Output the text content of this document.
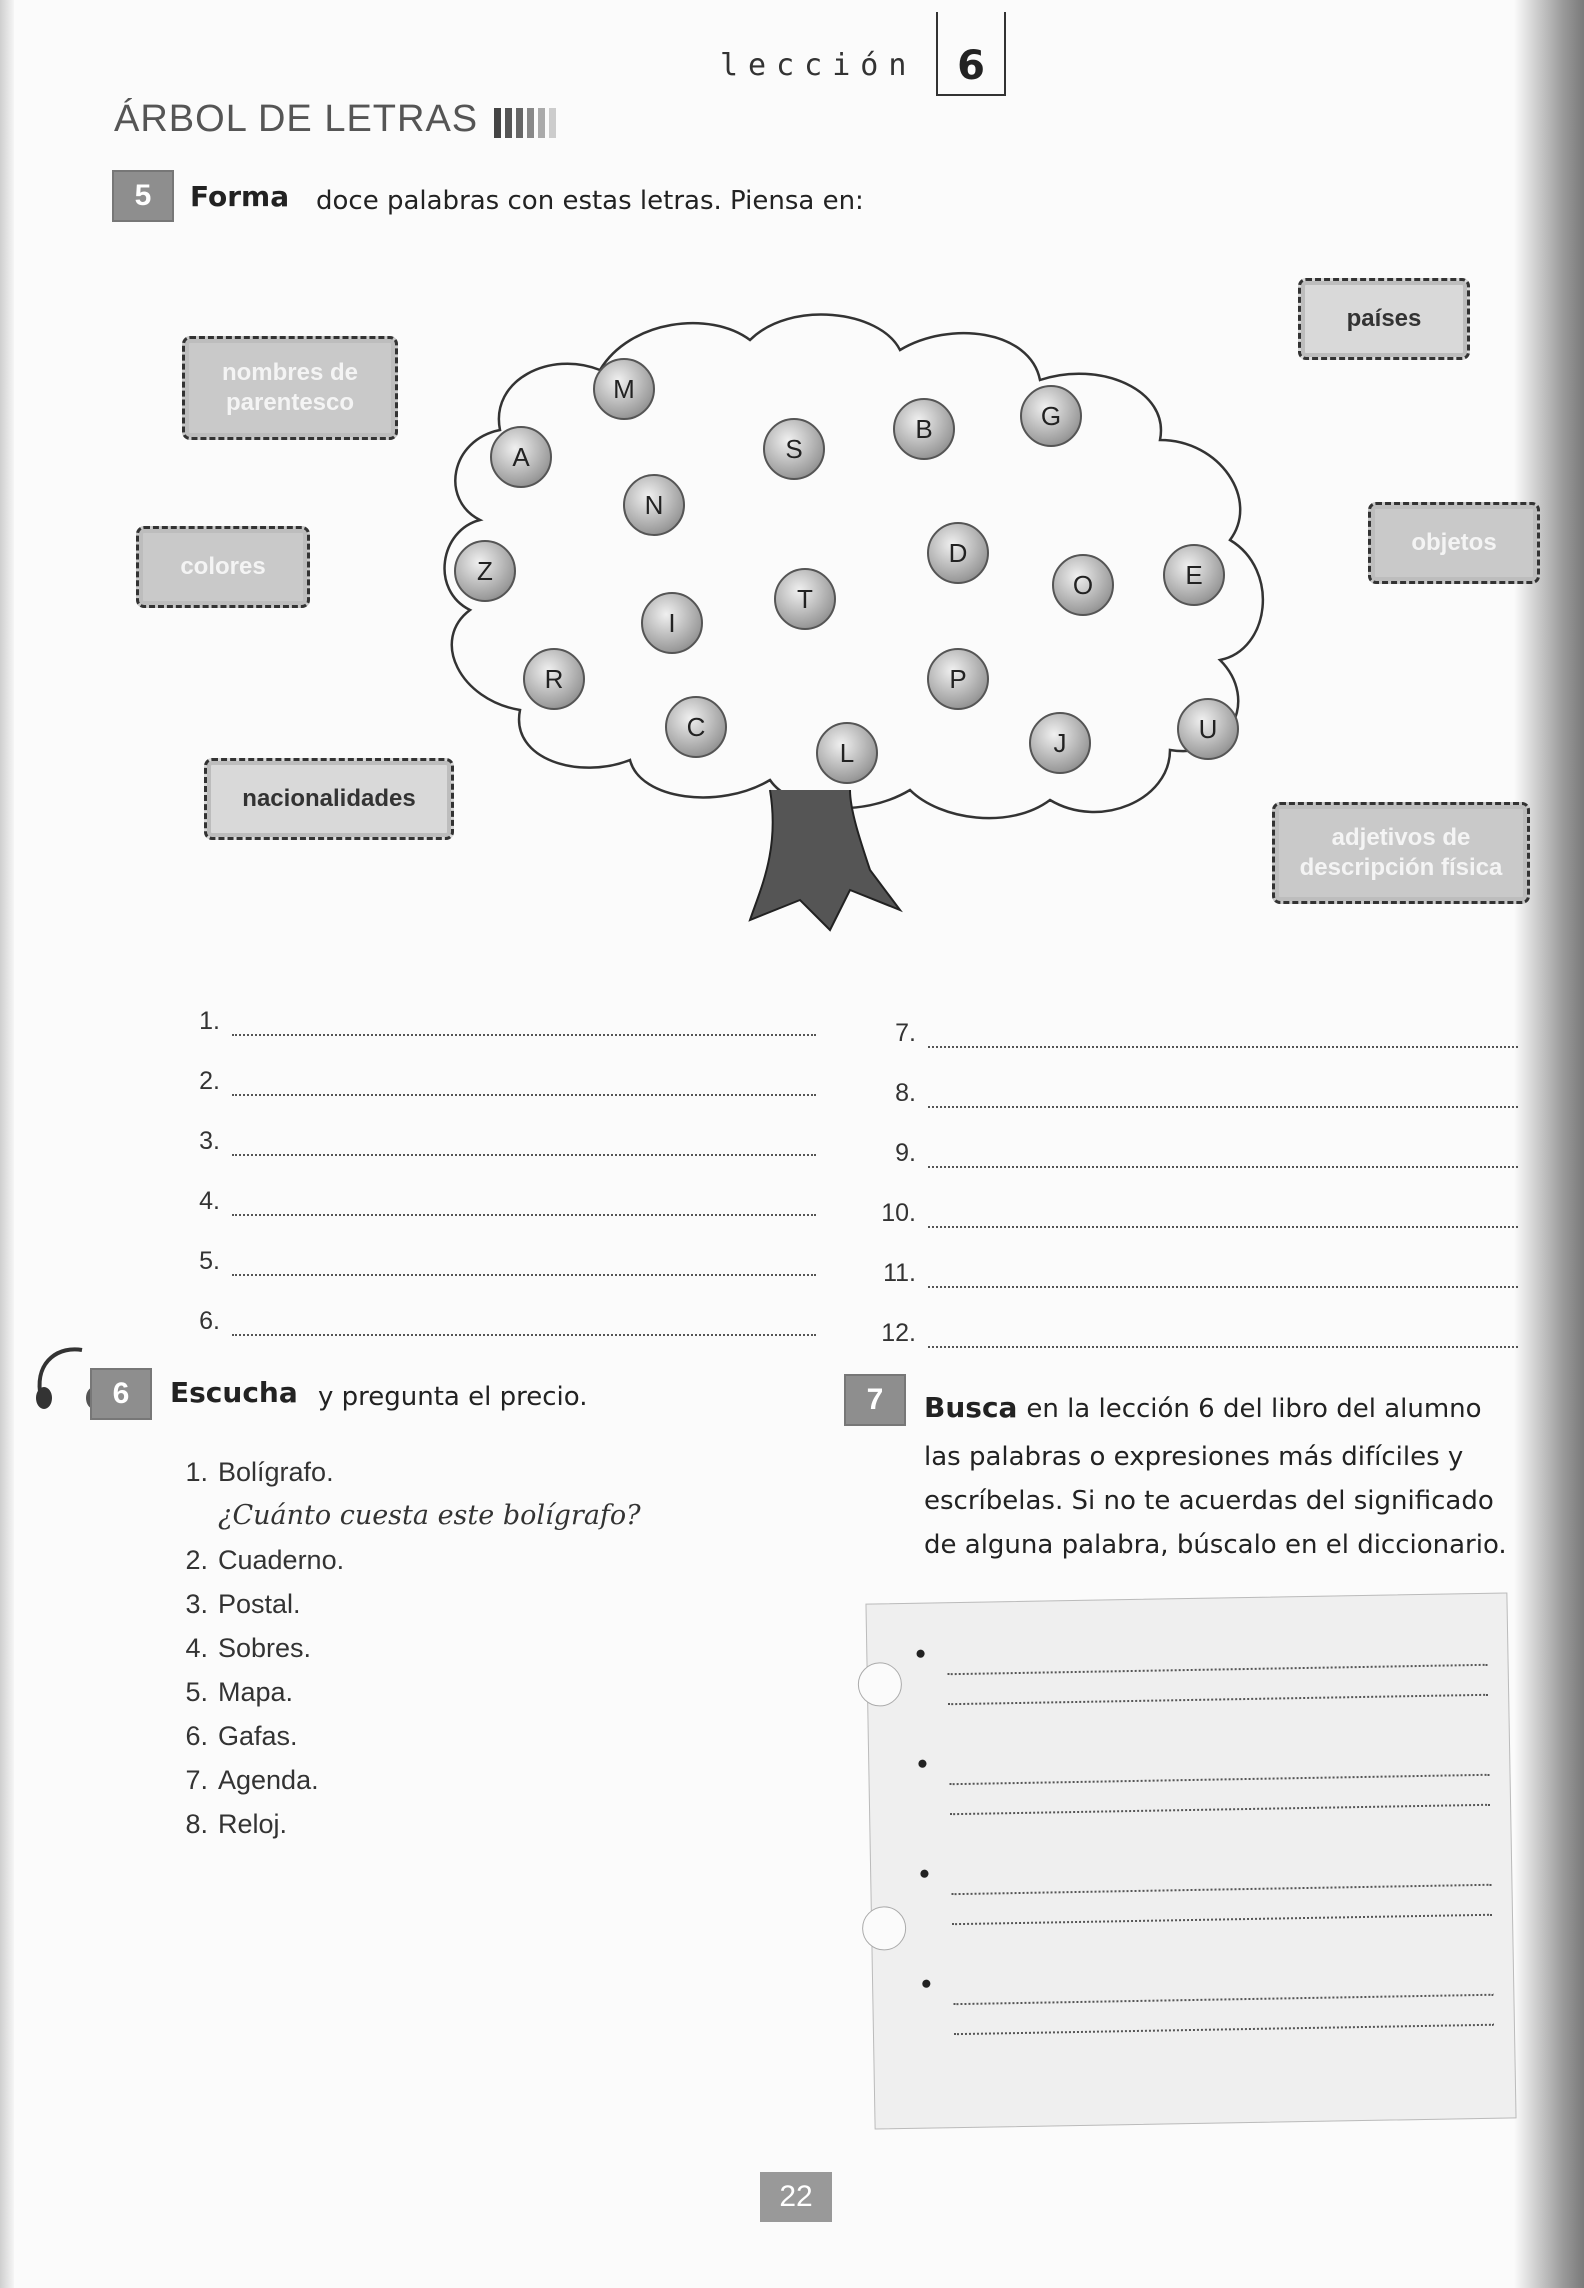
lección	6
ÁRBOL DE LETRAS
5	Forma doce palabras con estas letras. Piensa en:
nombres de parentesco
colores
nacionalidades
países
objetos
adjetivos de descripción física
M
A
N
S
B	G
Z
I
T
D
O	E
R
C
L
P
J	U
1.
2.
3.
4.
5.
6.
7.
8.
9.
10.
11.
12.
6	Escucha y pregunta el precio.
1. Bolígrafo.
¿Cuánto cuesta este bolígrafo?
2. Cuaderno.
3. Postal.
4. Sobres.
5. Mapa.
6. Gafas.
7. Agenda.
8. Reloj.
7	Busca en la lección 6 del libro del alumno
las palabras o expresiones más difíciles y
escríbelas. Si no te acuerdas del significado
de alguna palabra, búscalo en el diccionario.
•
•
•
•
22
